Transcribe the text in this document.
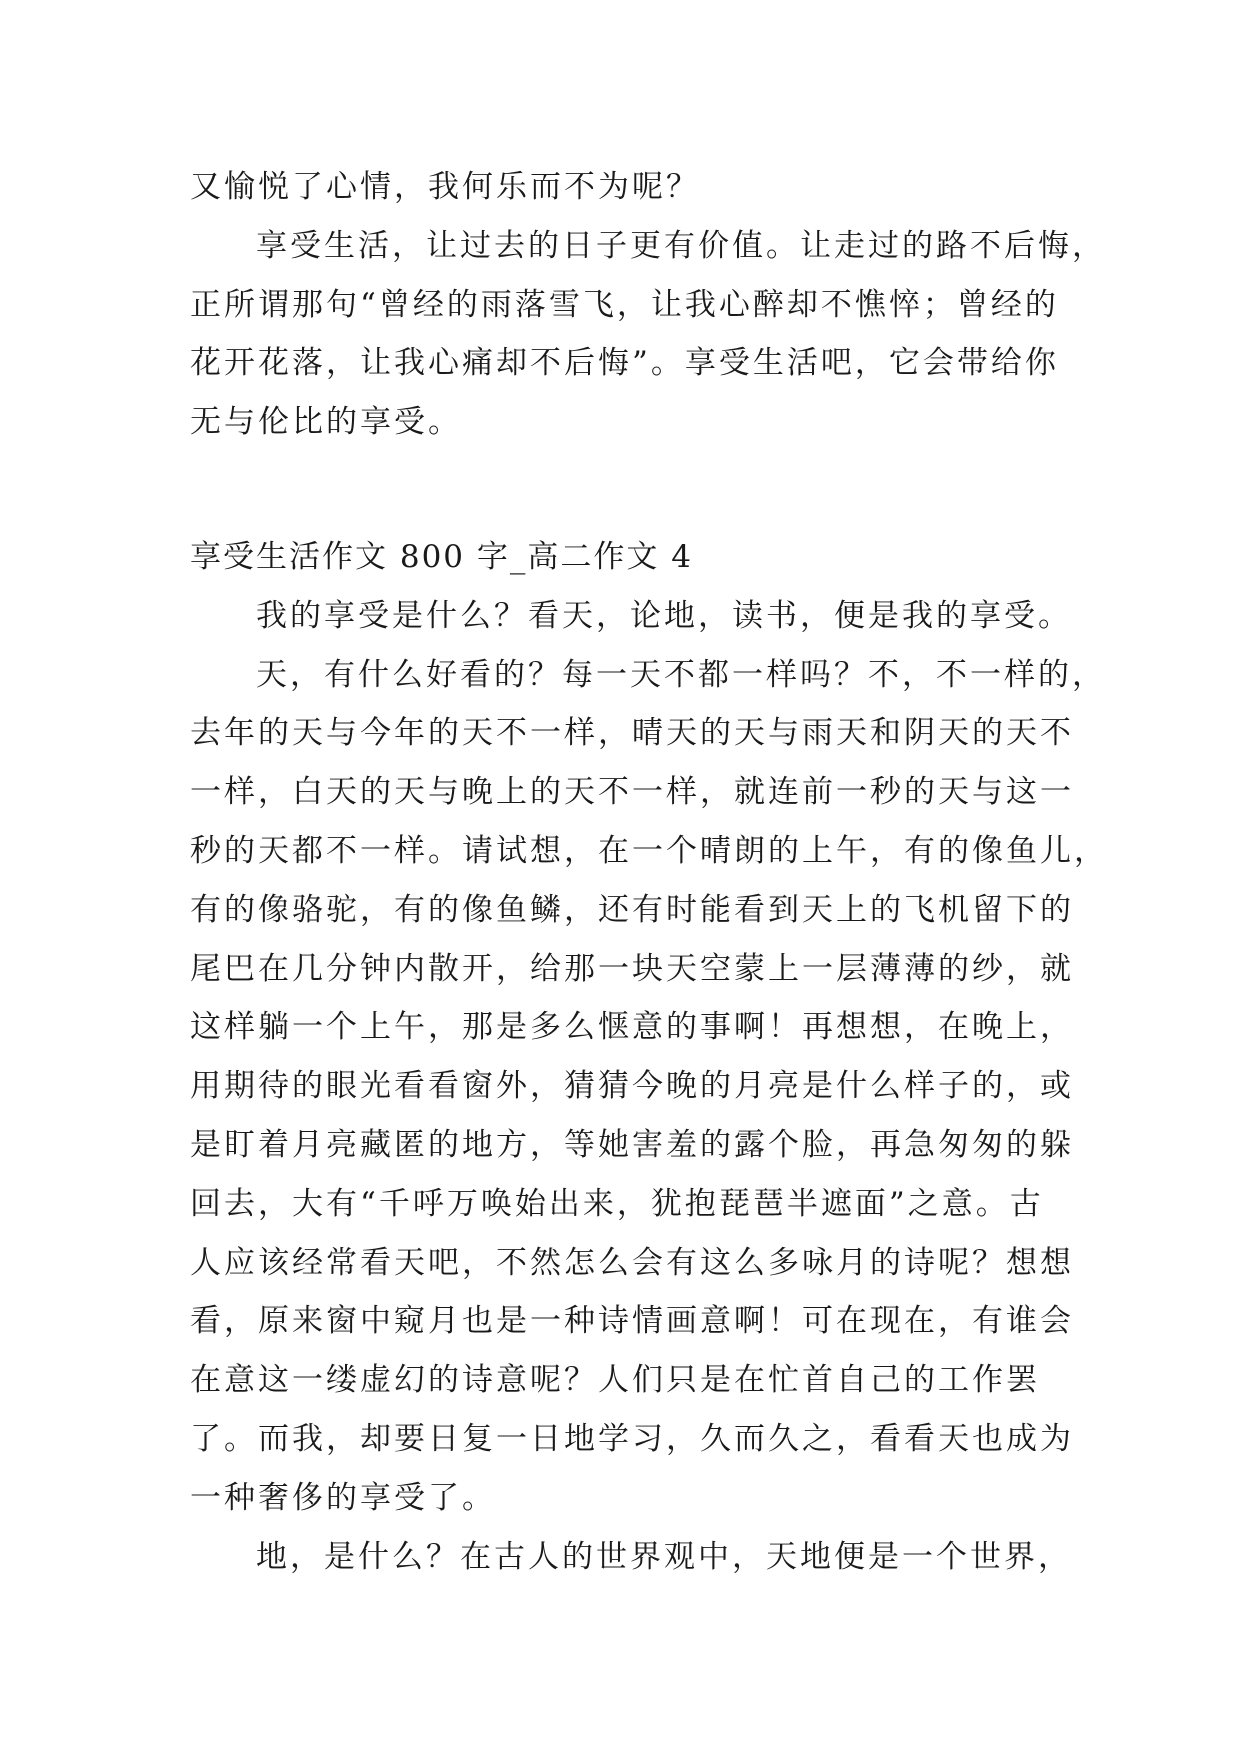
又愉悦了心情，我何乐而不为呢？

享受生活，让过去的日子更有价值。让走过的路不后悔，

正所谓那句“曾经的雨落雪飞，让我心醉却不憔悴；曾经的

花开花落，让我心痛却不后悔”。享受生活吧，它会带给你

无与伦比的享受。

享受生活作文 800 字_高二作文 4

我的享受是什么？看天，论地，读书，便是我的享受。

天，有什么好看的？每一天不都一样吗？不，不一样的，

去年的天与今年的天不一样，晴天的天与雨天和阴天的天不

一样，白天的天与晚上的天不一样，就连前一秒的天与这一

秒的天都不一样。请试想，在一个晴朗的上午，有的像鱼儿，

有的像骆驼，有的像鱼鳞，还有时能看到天上的飞机留下的

尾巴在几分钟内散开，给那一块天空蒙上一层薄薄的纱，就

这样躺一个上午，那是多么惬意的事啊！再想想，在晚上，

用期待的眼光看看窗外，猜猜今晚的月亮是什么样子的，或

是盯着月亮藏匿的地方，等她害羞的露个脸，再急匆匆的躲

回去，大有“千呼万唤始出来，犹抱琵琶半遮面”之意。古

人应该经常看天吧，不然怎么会有这么多咏月的诗呢？想想

看，原来窗中窥月也是一种诗情画意啊！可在现在，有谁会

在意这一缕虚幻的诗意呢？人们只是在忙首自己的工作罢

了。而我，却要日复一日地学习，久而久之，看看天也成为

一种奢侈的享受了。

地，是什么？在古人的世界观中，天地便是一个世界，
